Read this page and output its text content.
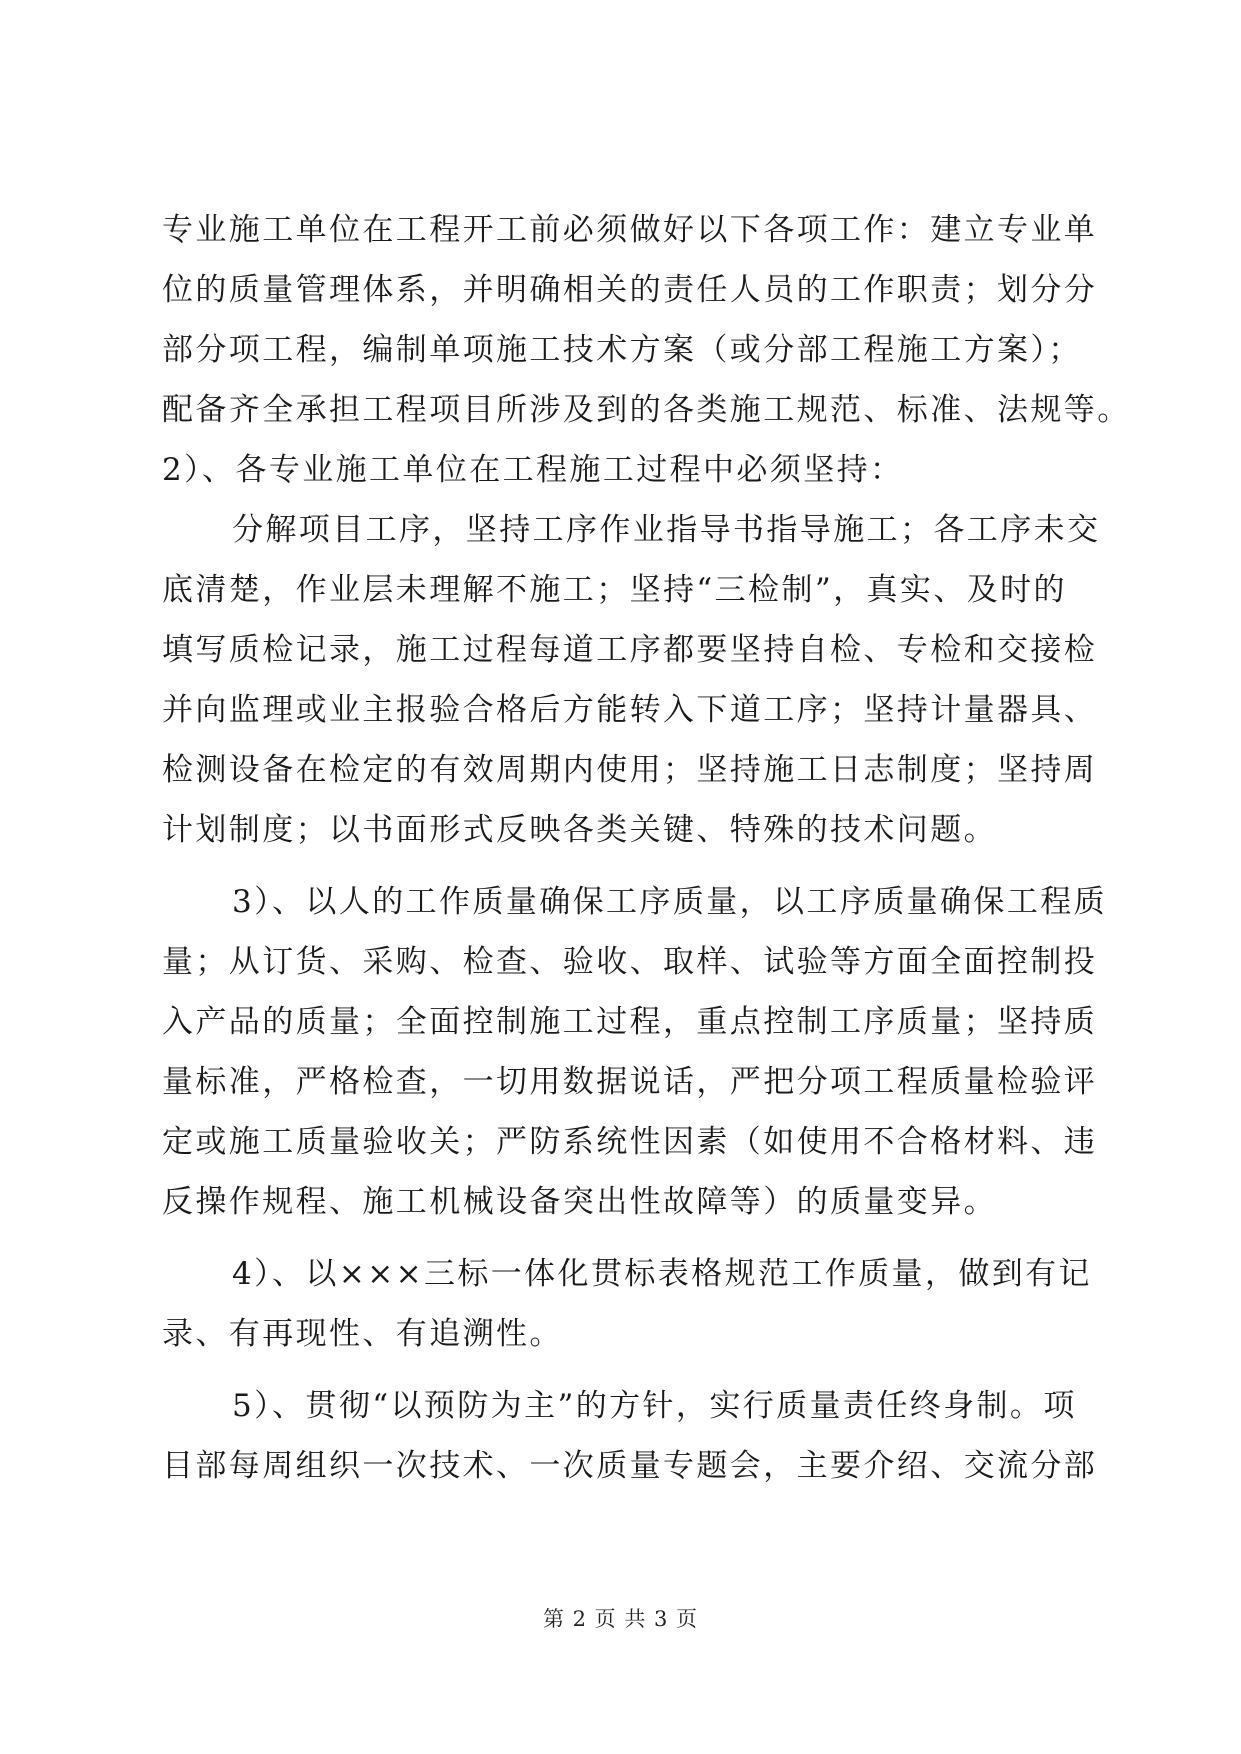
专业施工单位在工程开工前必须做好以下各项工作：建立专业单
位的质量管理体系，并明确相关的责任人员的工作职责；划分分
部分项工程，编制单项施工技术方案（或分部工程施工方案）；
配备齐全承担工程项目所涉及到的各类施工规范、标准、法规等。
2）、各专业施工单位在工程施工过程中必须坚持：
分解项目工序，坚持工序作业指导书指导施工；各工序未交
底清楚，作业层未理解不施工；坚持“三检制”，真实、及时的
填写质检记录，施工过程每道工序都要坚持自检、专检和交接检
并向监理或业主报验合格后方能转入下道工序；坚持计量器具、
检测设备在检定的有效周期内使用；坚持施工日志制度；坚持周
计划制度；以书面形式反映各类关键、特殊的技术问题。
3）、以人的工作质量确保工序质量，以工序质量确保工程质
量；从订货、采购、检查、验收、取样、试验等方面全面控制投
入产品的质量；全面控制施工过程，重点控制工序质量；坚持质
量标准，严格检查，一切用数据说话，严把分项工程质量检验评
定或施工质量验收关；严防系统性因素（如使用不合格材料、违
反操作规程、施工机械设备突出性故障等）的质量变异。
4）、以×××三标一体化贯标表格规范工作质量，做到有记
录、有再现性、有追溯性。
5）、贯彻“以预防为主”的方针，实行质量责任终身制。项
目部每周组织一次技术、一次质量专题会，主要介绍、交流分部
第 2 页 共 3 页
